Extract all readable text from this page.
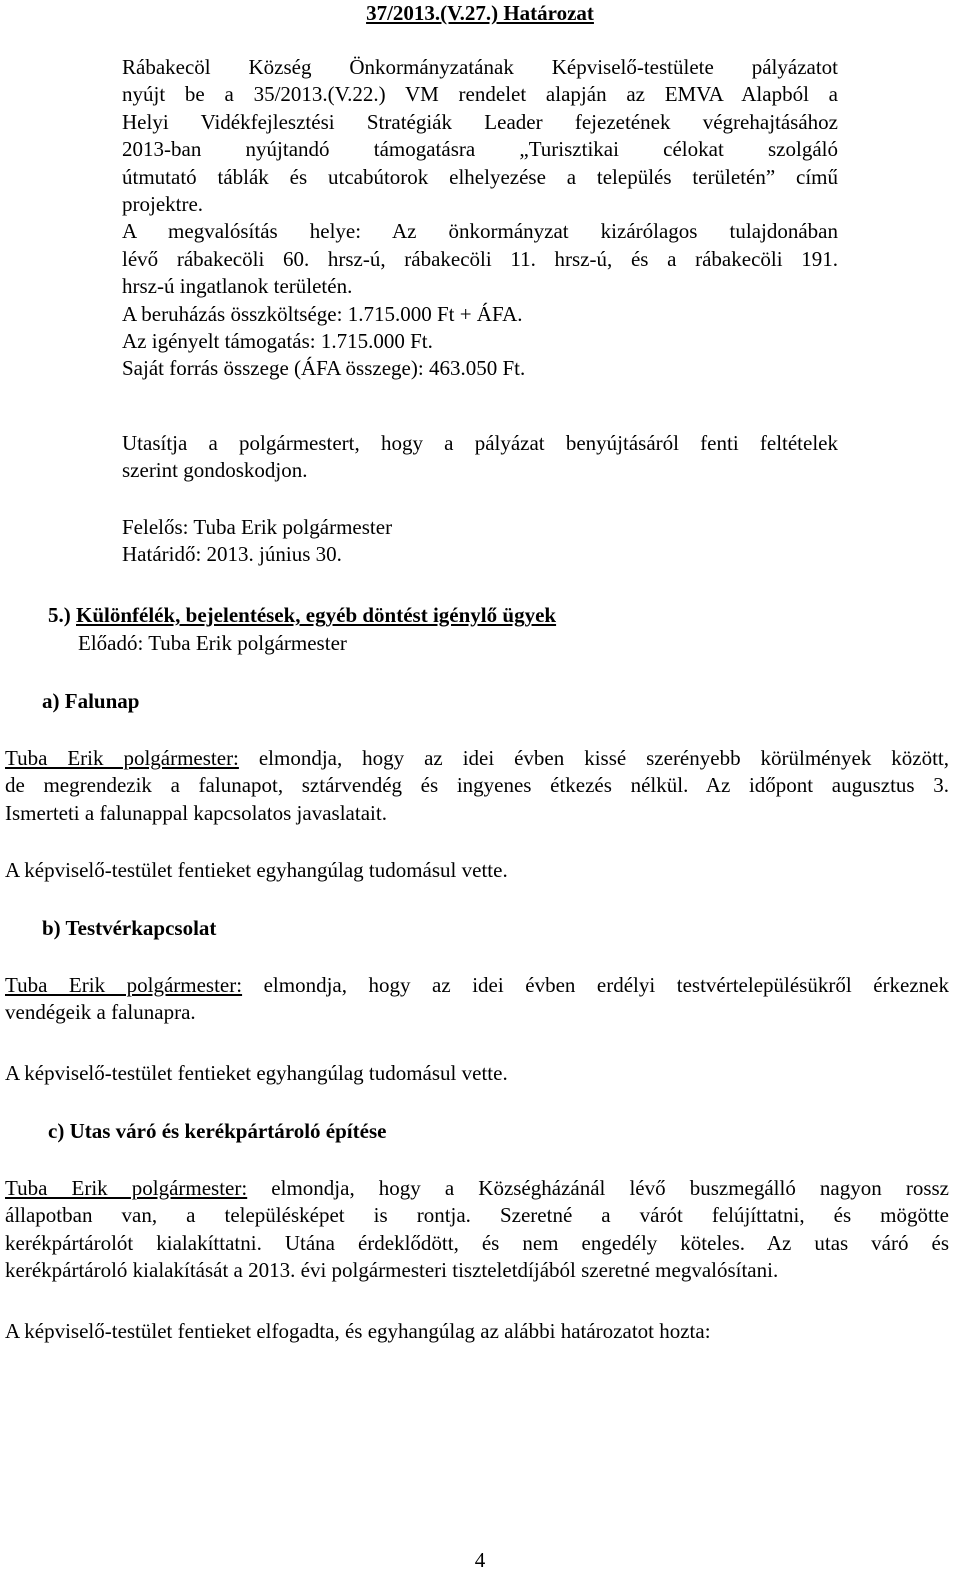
37/2013.(V.27.) Határozat

Rábakecöl Község Önkormányzatának Képviselő-testülete pályázatot

nyújt be a 35/2013.(V.22.) VM rendelet alapján az EMVA Alapból a

Helyi Vidékfejlesztési Stratégiák Leader fejezetének végrehajtásához

2013-ban nyújtandó támogatásra „Turisztikai célokat szolgáló

útmutató táblák és utcabútorok elhelyezése a település területén” című

projektre.

A megvalósítás helye: Az önkormányzat kizárólagos tulajdonában

lévő rábakecöli 60. hrsz-ú, rábakecöli 11. hrsz-ú, és a rábakecöli 191.

hrsz-ú ingatlanok területén.

A beruházás összköltsége: 1.715.000 Ft + ÁFA.

Az igényelt támogatás: 1.715.000 Ft.

Saját forrás összege (ÁFA összege): 463.050 Ft.

Utasítja a polgármestert, hogy a pályázat benyújtásáról fenti feltételek

szerint gondoskodjon.

Felelős: Tuba Erik polgármester

Határidő: 2013. június 30.

5.) Különfélék, bejelentések, egyéb döntést igénylő ügyek
Előadó: Tuba Erik polgármester
a) Falunap

Tuba Erik polgármester: elmondja, hogy az idei évben kissé szerényebb körülmények között,

de megrendezik a falunapot, sztárvendég és ingyenes étkezés nélkül. Az időpont augusztus 3.

Ismerteti a falunappal kapcsolatos javaslatait.

A képviselő-testület fentieket egyhangúlag tudomásul vette.
b) Testvérkapcsolat

Tuba Erik polgármester: elmondja, hogy az idei évben erdélyi testvértelepülésükről érkeznek

vendégeik a falunapra.

A képviselő-testület fentieket egyhangúlag tudomásul vette.
c) Utas váró és kerékpártároló építése

Tuba Erik polgármester: elmondja, hogy a Községházánál lévő buszmegálló nagyon rossz

állapotban van, a településképet is rontja. Szeretné a várót felújíttatni, és mögötte

kerékpártárolót kialakíttatni. Utána érdeklődött, és nem engedély köteles. Az utas váró és

kerékpártároló kialakítását a 2013. évi polgármesteri tiszteletdíjából szeretné megvalósítani.

A képviselő-testület fentieket elfogadta, és egyhangúlag az alábbi határozatot hozta:
4
